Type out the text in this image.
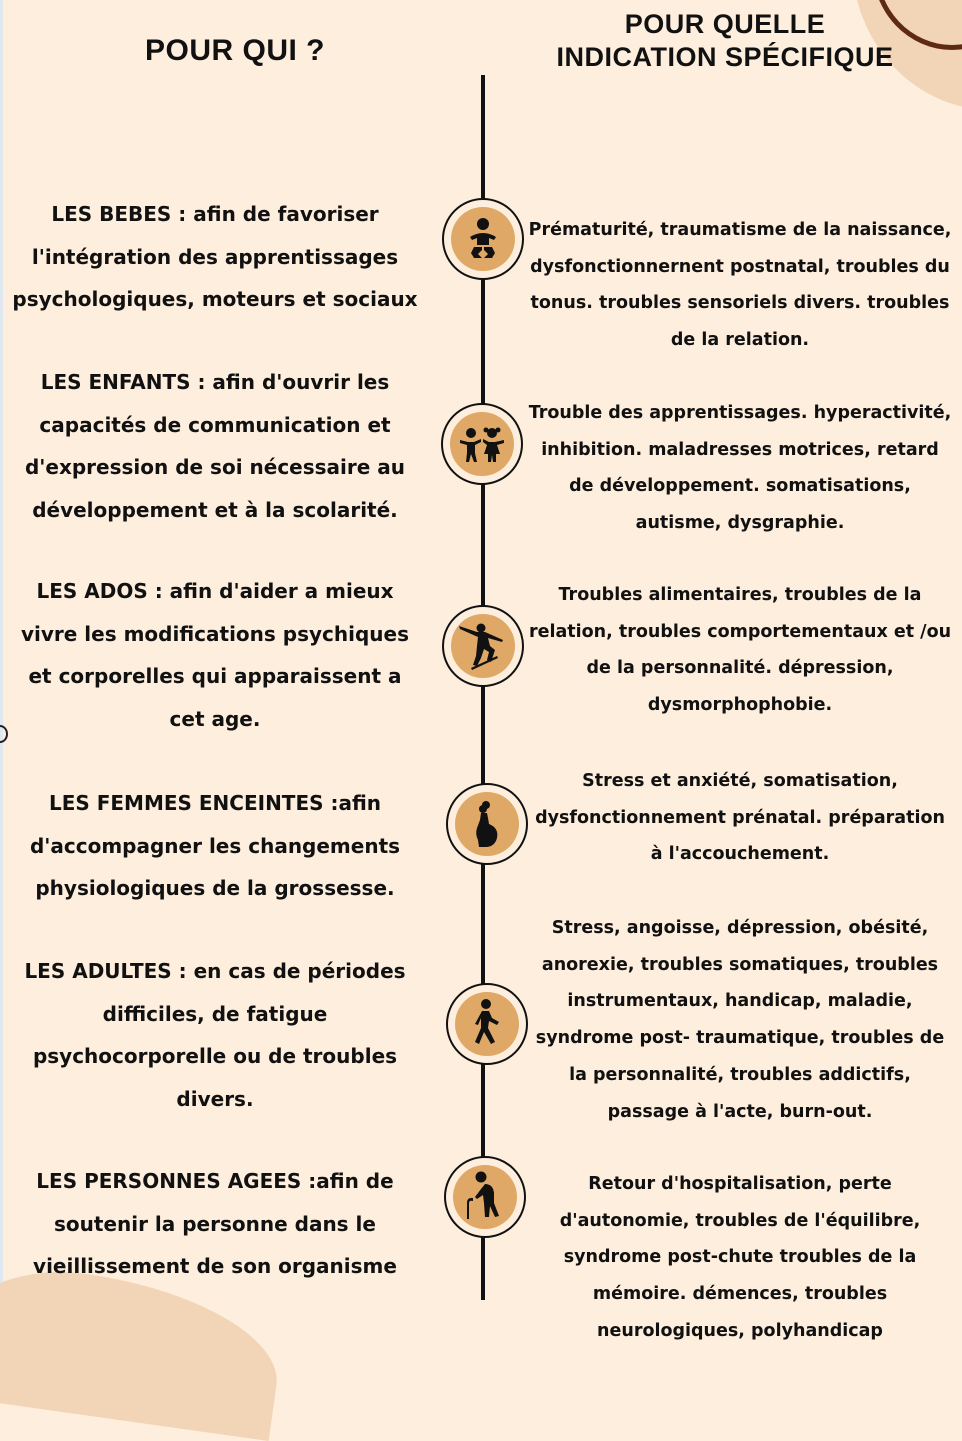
POUR QUI ?
POUR QUELLE
INDICATION SPÉCIFIQUE
LES BEBES : afin de favoriser l'intégration des apprentissages psychologiques, moteurs et sociaux
Prématurité, traumatisme de la naissance, dysfonctionnernent postnatal, troubles du tonus. troubles sensoriels divers. troubles de la relation.
LES ENFANTS : afin d'ouvrir les capacités de communication et d'expression de soi nécessaire au développement et à la scolarité.
Trouble des apprentissages. hyperactivité, inhibition. maladresses motrices, retard de développement. somatisations, autisme, dysgraphie.
LES ADOS : afin d'aider a mieux vivre les modifications psychiques et corporelles qui apparaissent a cet age.
Troubles alimentaires, troubles de la relation, troubles comportementaux et /ou de la personnalité. dépression, dysmorphophobie.
LES FEMMES ENCEINTES :afin d'accompagner les changements physiologiques de la grossesse.
Stress et anxiété, somatisation, dysfonctionnement prénatal. préparation à l'accouchement.
LES ADULTES : en cas de périodes difficiles, de fatigue psychocorporelle ou de troubles divers.
Stress, angoisse, dépression, obésité, anorexie, troubles somatiques, troubles instrumentaux, handicap, maladie, syndrome post- traumatique, troubles de la personnalité, troubles addictifs, passage à l'acte, burn-out.
LES PERSONNES AGEES :afin de soutenir la personne dans le vieillissement de son organisme
Retour d'hospitalisation, perte d'autonomie, troubles de l'équilibre, syndrome post-chute troubles de la mémoire. démences, troubles neurologiques, polyhandicap
